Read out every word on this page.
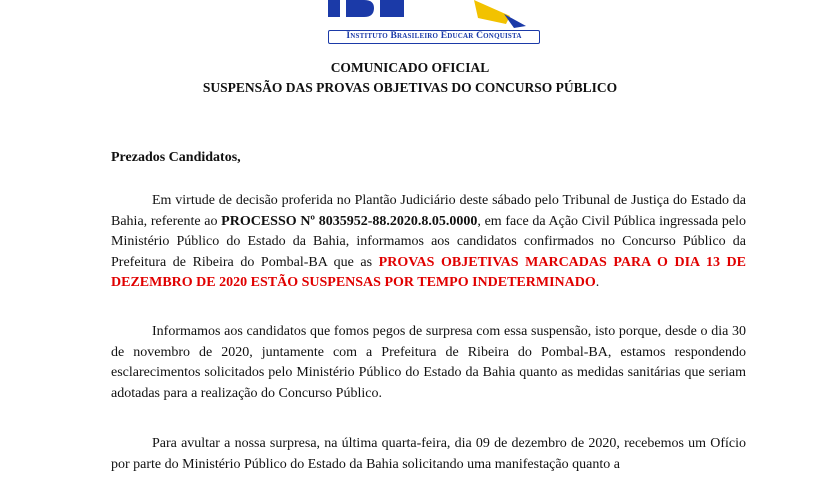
Instituto Brasileiro Educar Conquista
COMUNICADO OFICIAL
SUSPENSÃO DAS PROVAS OBJETIVAS DO CONCURSO PÚBLICO
Prezados Candidatos,

Em virtude de decisão proferida no Plantão Judiciário deste sábado pelo Tribunal de Justiça do Estado da Bahia, referente ao PROCESSO Nº 8035952-88.2020.8.05.0000, em face da Ação Civil Pública ingressada pelo Ministério Público do Estado da Bahia, informamos aos candidatos confirmados no Concurso Público da Prefeitura de Ribeira do Pombal-BA que as PROVAS OBJETIVAS MARCADAS PARA O DIA 13 DE DEZEMBRO DE 2020 ESTÃO SUSPENSAS POR TEMPO INDETERMINADO.

Informamos aos candidatos que fomos pegos de surpresa com essa suspensão, isto porque, desde o dia 30 de novembro de 2020, juntamente com a Prefeitura de Ribeira do Pombal-BA, estamos respondendo esclarecimentos solicitados pelo Ministério Público do Estado da Bahia quanto as medidas sanitárias que seriam adotadas para a realização do Concurso Público.

Para avultar a nossa surpresa, na última quarta-feira, dia 09 de dezembro de 2020, recebemos um Ofício por parte do Ministério Público do Estado da Bahia solicitando uma manifestação quanto a
